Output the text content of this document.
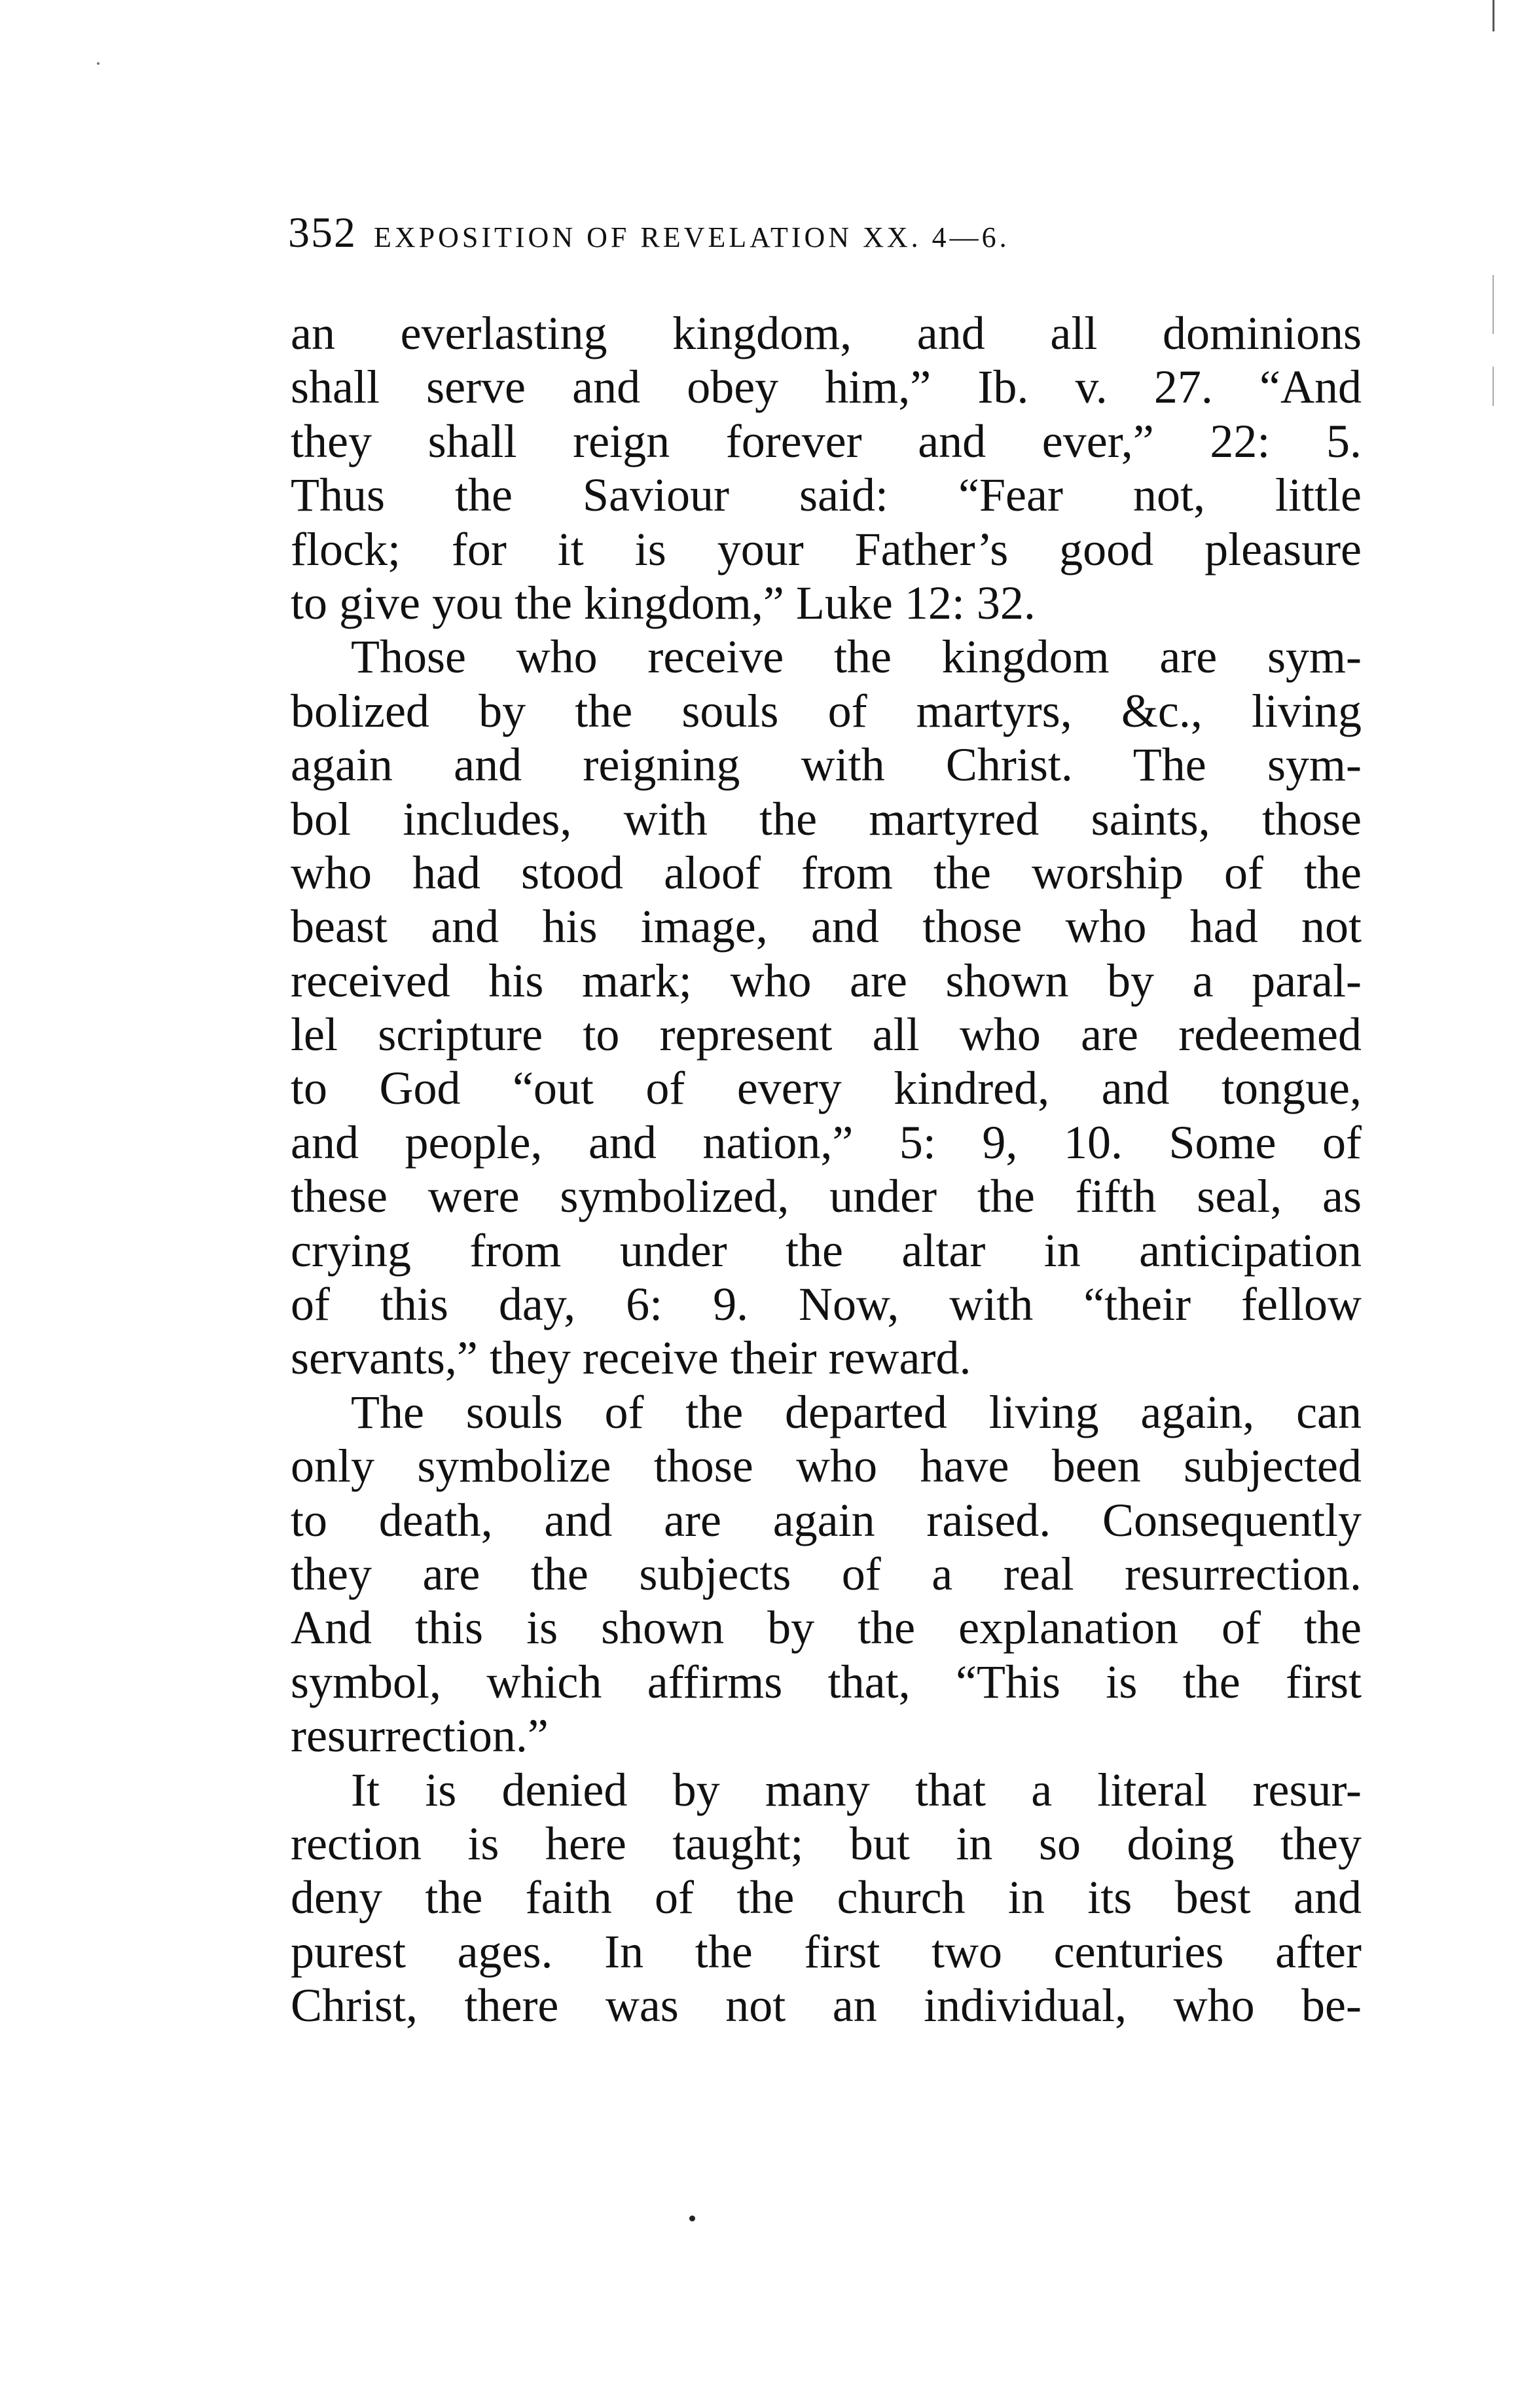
352 EXPOSITION OF REVELATION XX. 4—6.
an everlasting kingdom, and all dominions
shall serve and obey him,” Ib. v. 27. “And
they shall reign forever and ever,” 22: 5.
Thus the Saviour said: “Fear not, little
flock; for it is your Father’s good pleasure
to give you the kingdom,” Luke 12: 32.
Those who receive the kingdom are sym-
bolized by the souls of martyrs, &c., living
again and reigning with Christ. The sym-
bol includes, with the martyred saints, those
who had stood aloof from the worship of the
beast and his image, and those who had not
received his mark; who are shown by a paral-
lel scripture to represent all who are redeemed
to God “out of every kindred, and tongue,
and people, and nation,” 5: 9, 10. Some of
these were symbolized, under the fifth seal, as
crying from under the altar in anticipation
of this day, 6: 9. Now, with “their fellow
servants,” they receive their reward.
The souls of the departed living again, can
only symbolize those who have been subjected
to death, and are again raised. Consequently
they are the subjects of a real resurrection.
And this is shown by the explanation of the
symbol, which affirms that, “This is the first
resurrection.”
It is denied by many that a literal resur-
rection is here taught; but in so doing they
deny the faith of the church in its best and
purest ages. In the first two centuries after
Christ, there was not an individual, who be-
